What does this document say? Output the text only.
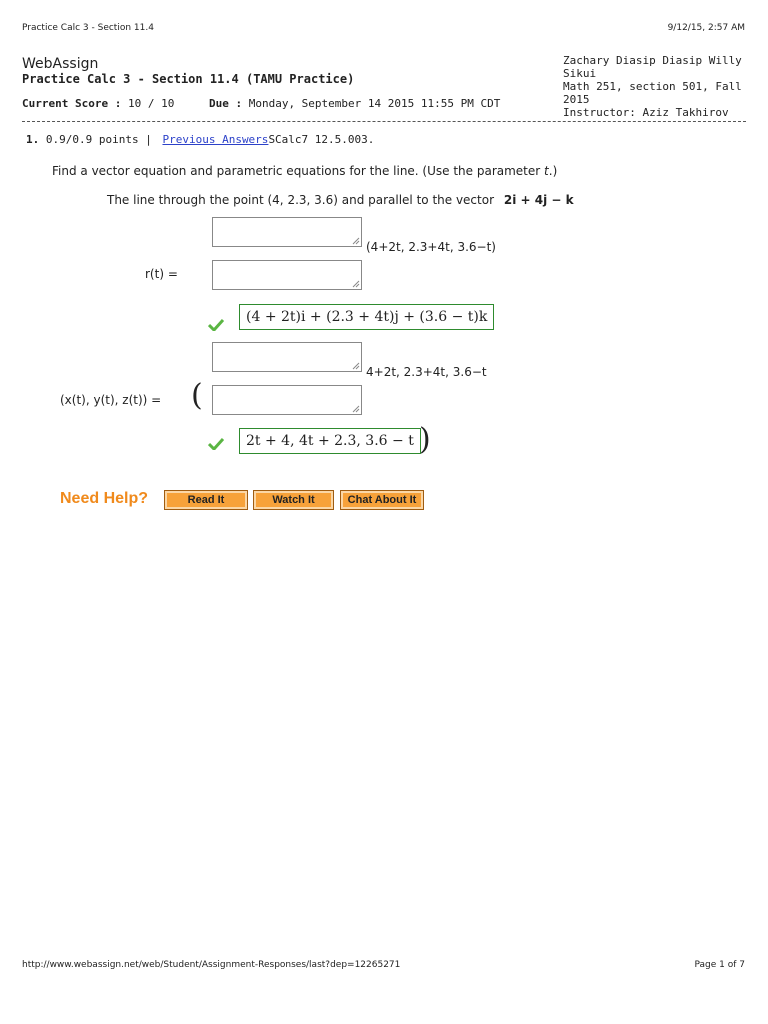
Practice Calc 3 - Section 11.4	9/12/15, 2:57 AM
WebAssign
Practice Calc 3 - Section 11.4 (TAMU Practice)
Zachary Diasip Diasip Willy Sikui
Math 251, section 501, Fall 2015
Instructor: Aziz Takhirov
Current Score : 10 / 10	Due : Monday, September 14 2015 11:55 PM CDT
1. 0.9/0.9 points | Previous AnswersSCalc7 12.5.003.
Find a vector equation and parametric equations for the line. (Use the parameter t.)
The line through the point (4, 2.3, 3.6) and parallel to the vector 2i + 4j − k
(4+2t, 2.3+4t, 3.6−t)
r(t) =
(4 + 2t)i + (2.3 + 4t)j + (3.6 − t)k
4+2t, 2.3+4t, 3.6−t
(x(t), y(t), z(t)) = (
2t + 4, 4t + 2.3, 3.6 − t )
Need Help?	Read It	Watch It	Chat About It
http://www.webassign.net/web/Student/Assignment-Responses/last?dep=12265271	Page 1 of 7
